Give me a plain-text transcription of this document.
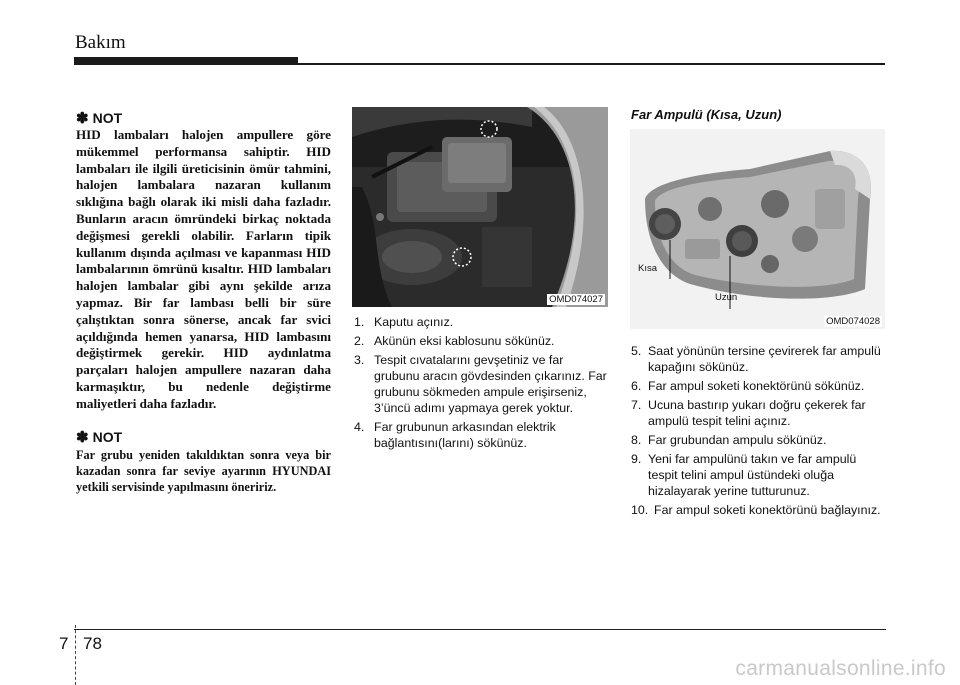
Bakım
✽ NOT

HID lambaları halojen ampullere göre mükemmel performansa sahiptir. HID lambaları ile ilgili üreticisinin ömür tahmini, halojen lambalara nazaran kullanım sıklığına bağlı olarak iki misli daha fazladır. Bunların aracın ömründeki birkaç noktada değişmesi gerekli olabilir. Farların tipik kullanım dışında açılması ve kapanması HID lambalarının ömrünü kısaltır. HID lambaları halojen lambalar gibi aynı şekilde arıza yapmaz. Bir far lambası belli bir süre çalıştıktan sonra sönerse, ancak far svici açıldığında hemen yanarsa, HID lambasını değiştirmek gerekir. HID aydınlatma parçaları halojen ampullere nazaran daha karmaşıktır, bu nedenle değiştirme maliyetleri daha fazladır.

✽ NOT

Far grubu yeniden takıldıktan sonra veya bir kazadan sonra far seviye ayarının HYUNDAI yetkili servisinde yapılmasını öneririz.

OMD074027
1. Kaputu açınız.
2. Akünün eksi kablosunu sökünüz.
3. Tespit cıvatalarını gevşetiniz ve far grubunu aracın gövdesinden çıkarınız. Far grubunu sökmeden ampule erişirseniz, 3’üncü adımı yapmaya gerek yoktur.
4. Far grubunun arkasından elektrik bağlantısını(larını) sökünüz.
Far Ampulü (Kısa, Uzun)
Kısa
Uzun
OMD074028
5. Saat yönünün tersine çevirerek far ampulü kapağını sökünüz.
6. Far ampul soketi konektörünü sökünüz.
7. Ucuna bastırıp yukarı doğru çekerek far ampulü tespit telini açınız.
8. Far grubundan ampulu sökünüz.
9. Yeni far ampulünü takın ve far ampulü tespit telini ampul üstündeki oluğa hizalayarak yerine tutturunuz.
10. Far ampul soketi konektörünü bağlayınız.
7 78
carmanualsonline.info
